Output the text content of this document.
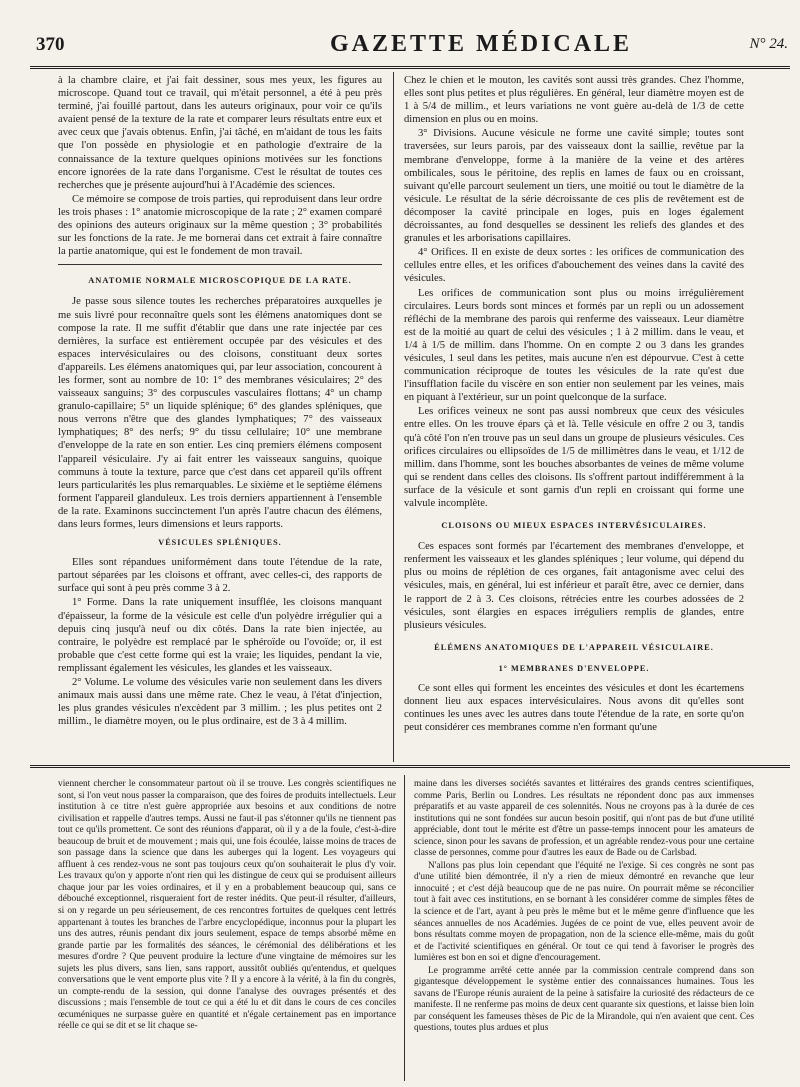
370	GAZETTE MÉDICALE	N° 24.

à la chambre claire, et j'ai fait dessiner, sous mes yeux, les figures au microscope. Quand tout ce travail, qui m'était personnel, a été à peu près terminé, j'ai fouillé partout, dans les auteurs originaux, pour voir ce qu'ils avaient pensé de la texture de la rate et comparer leurs résultats entre eux et avec ceux que j'avais obtenus. Enfin, j'ai tâché, en m'aidant de tous les faits que l'on possède en physiologie et en pathologie d'extraire de la connaissance de la texture quelques opinions motivées sur les fonctions encore ignorées de la rate dans l'organisme. C'est le résultat de toutes ces recherches que je présente aujourd'hui à l'Académie des sciences.

Ce mémoire se compose de trois parties, qui reproduisent dans leur ordre les trois phases : 1° anatomie microscopique de la rate ; 2° examen comparé des opinions des auteurs originaux sur la même question ; 3° probabilités sur les fonctions de la rate. Je me bornerai dans cet extrait à faire connaître la partie anatomique, qui est le fondement de mon travail.

ANATOMIE NORMALE MICROSCOPIQUE DE LA RATE.

Je passe sous silence toutes les recherches préparatoires auxquelles je me suis livré pour reconnaître quels sont les élémens anatomiques dont se compose la rate. Il me suffit d'établir que dans une rate injectée par ces dernières, la surface est entièrement occupée par des vésicules et des espaces intervésiculaires ou des cloisons, constituant deux sortes d'appareils. Les élémens anatomiques qui, par leur association, concourent à les former, sont au nombre de 10: 1° des membranes vésiculaires; 2° des vaisseaux sanguins; 3° des corpuscules vasculaires flottans; 4° un champ granulo-capillaire; 5° un liquide splénique; 6° des glandes spléniques, que nous verrons n'être que des glandes lymphatiques; 7° des vaisseaux lymphatiques; 8° des nerfs; 9° du tissu cellulaire; 10° une membrane d'enveloppe de la rate en son entier. Les cinq premiers élémens composent l'appareil vésiculaire. J'y ai fait entrer les vaisseaux sanguins, quoique communs à toute la texture, parce que c'est dans cet appareil qu'ils offrent leurs particularités les plus remarquables. Le sixième et le septième élémens forment l'appareil glanduleux. Les trois derniers appartiennent à l'ensemble de la rate. Examinons succinctement l'un après l'autre chacun des élémens, dans leurs formes, leurs dimensions et leurs rapports.

VÉSICULES SPLÉNIQUES.

Elles sont répandues uniformément dans toute l'étendue de la rate, partout séparées par les cloisons et offrant, avec celles-ci, des rapports de surface qui sont à peu près comme 3 à 2.

1° Forme. Dans la rate uniquement insufflée, les cloisons manquant d'épaisseur, la forme de la vésicule est celle d'un polyèdre irrégulier qui a depuis cinq jusqu'à neuf ou dix côtés. Dans la rate bien injectée, au contraire, le polyèdre est remplacé par le sphéroïde ou l'ovoïde; or, il est probable que c'est cette forme qui est la vraie; les liquides, pendant la vie, remplissant également les vésicules, les glandes et les vaisseaux.

2° Volume. Le volume des vésicules varie non seulement dans les divers animaux mais aussi dans une même rate. Chez le veau, à l'état d'injection, les plus grandes vésicules n'excèdent par 3 millim. ; les plus petites ont 2 millim., le diamètre moyen, ou le plus ordinaire, est de 3 à 4 millim.

Chez le chien et le mouton, les cavités sont aussi très grandes. Chez l'homme, elles sont plus petites et plus régulières. En général, leur diamètre moyen est de 1 à 5/4 de millim., et leurs variations ne vont guère au-delà de 1/3 de cette dimension en plus ou en moins.

3° Divisions. Aucune vésicule ne forme une cavité simple; toutes sont traversées, sur leurs parois, par des vaisseaux dont la saillie, revêtue par la membrane d'enveloppe, forme à la manière de la veine et des artères ombilicales, sous le péritoine, des replis en lames de faux ou en croissant, suivant qu'elle parcourt seulement un tiers, une moitié ou tout le diamètre de la vésicule. Le résultat de la série décroissante de ces plis de revêtement est de décomposer la cavité principale en loges, puis en loges également décroissantes, au fond desquelles se dessinent les reliefs des glandes et des granules et les arborisations capillaires.

4° Orifices. Il en existe de deux sortes : les orifices de communication des cellules entre elles, et les orifices d'abouchement des veines dans la cavité des vésicules.

Les orifices de communication sont plus ou moins irrégulièrement circulaires. Leurs bords sont minces et formés par un repli ou un adossement réfléchi de la membrane des parois qui renferme des vaisseaux. Leur diamètre est de la moitié au quart de celui des vésicules ; 1 à 2 millim. dans le veau, et 1/4 à 1/5 de millim. dans l'homme. On en compte 2 ou 3 dans les grandes vésicules, 1 seul dans les petites, mais aucune n'en est dépourvue. C'est à cette communication réciproque de toutes les vésicules de la rate qu'est due l'insufflation facile du viscère en son entier non seulement par les veines, mais en piquant à l'extérieur, sur un point quelconque de la surface.

Les orifices veineux ne sont pas aussi nombreux que ceux des vésicules entre elles. On les trouve épars çà et là. Telle vésicule en offre 2 ou 3, tandis qu'à côté l'on n'en trouve pas un seul dans un groupe de plusieurs vésicules. Ces orifices circulaires ou ellipsoïdes de 1/5 de millimètres dans le veau, et 1/12 de millim. dans l'homme, sont les bouches absorbantes de veines de même volume qui se rendent dans celles des cloisons. Ils s'offrent partout indifféremment à la surface de la vésicule et sont garnis d'un repli en croissant qui forme une valvule incomplète.

CLOISONS OU MIEUX ESPACES INTERVÉSICULAIRES.

Ces espaces sont formés par l'écartement des membranes d'enveloppe, et renferment les vaisseaux et les glandes spléniques ; leur volume, qui dépend du plus ou moins de réplétion de ces organes, fait antagonisme avec celui des vésicules, mais, en général, lui est inférieur et paraît être, avec ce dernier, dans le rapport de 2 à 3. Ces cloisons, rétrécies entre les courbes adossées de 2 vésicules, sont élargies en espaces irréguliers remplis de glandes, entre plusieurs vésicules.

ÉLÉMENS ANATOMIQUES DE L'APPAREIL VÉSICULAIRE.
1° MEMBRANES D'ENVELOPPE.

Ce sont elles qui forment les enceintes des vésicules et dont les écartemens donnent lieu aux espaces intervésiculaires. Nous avons dit qu'elles sont continues les unes avec les autres dans toute l'étendue de la rate, en sorte qu'on peut considérer ces membranes comme n'en formant qu'une

viennent chercher le consommateur partout où il se trouve. Les congrès scientifiques ne sont, si l'on veut nous passer la comparaison, que des foires de produits intellectuels. Leur institution à ce titre n'est guère appropriée aux besoins et aux conditions de notre civilisation et rappelle d'autres temps. Aussi ne faut-il pas s'étonner qu'ils ne tiennent pas tout ce qu'ils promettent. Ce sont des réunions d'apparat, où il y a de la foule, c'est-à-dire beaucoup de bruit et de mouvement ; mais qui, une fois écoulée, laisse moins de traces de son passage dans la science que dans les auberges qui la logent. Les voyageurs qui affluent à ces rendez-vous ne sont pas toujours ceux qu'on souhaiterait le plus d'y voir. Les travaux qu'on y apporte n'ont rien qui les distingue de ceux qui se produisent ailleurs chaque jour par les voies ordinaires, et il y en a probablement beaucoup qui, sans ce débouché exceptionnel, risqueraient fort de rester inédits. Que peut-il résulter, d'ailleurs, si on y regarde un peu sérieusement, de ces rencontres fortuites de quelques cent lettrés appartenant à toutes les branches de l'arbre encyclopédique, inconnus pour la plupart les uns des autres, réunis pendant dix jours seulement, espace de temps absorbé même en grande partie par les formalités des séances, le cérémonial des délibérations et les mesures d'ordre ? Que peuvent produire la lecture d'une vingtaine de mémoires sur les sujets les plus divers, sans lien, sans rapport, aussitôt oubliés qu'entendus, et quelques conversations que le vent emporte plus vite ? Il y a encore à la vérité, à la fin du congrès, un compte-rendu de la session, qui donne l'analyse des ouvrages présentés et des discussions ; mais l'ensemble de tout ce qui a été lu et dit dans le cours de ces conciles œcuméniques ne surpasse guère en quantité et n'égale certainement pas en importance réelle ce qui se dit et se lit chaque se-

maine dans les diverses sociétés savantes et littéraires des grands centres scientifiques, comme Paris, Berlin ou Londres. Les résultats ne répondent donc pas aux immenses préparatifs et au vaste appareil de ces solennités. Nous ne croyons pas à la durée de ces institutions qui ne sont fondées sur aucun besoin positif, qui n'ont pas de but d'une utilité appréciable, dont tout le mérite est d'être un passe-temps innocent pour les amateurs de science, sinon pour les savans de profession, et un agréable rendez-vous pour une certaine classe de personnes, comme pour d'autres les eaux de Bade ou de Carlsbad.

N'allons pas plus loin cependant que l'équité ne l'exige. Si ces congrès ne sont pas d'une utilité bien démontrée, il n'y a rien de mieux démontré en revanche que leur innocuité ; et c'est déjà beaucoup que de ne pas nuire. On pourrait même se réconcilier tout à fait avec ces institutions, en se bornant à les considérer comme de simples fêtes de la science et de l'art, ayant à peu près le même but et le même genre d'influence que les séances annuelles de nos Académies. Jugées de ce point de vue, elles peuvent avoir de bons résultats comme moyen de propagation, non de la science elle-même, mais du goût et de l'activité scientifiques en général. Or tout ce qui tend à favoriser le progrès des lumières est bon en soi et digne d'encouragement.

Le programme arrêté cette année par la commission centrale comprend dans son gigantesque développement le système entier des connaissances humaines. Tous les savans de l'Europe réunis auraient de la peine à satisfaire la curiosité des rédacteurs de ce manifeste. Il ne renferme pas moins de deux cent quarante six questions, et laisse bien loin par conséquent les fameuses thèses de Pic de la Mirandole, qui n'en avaient que cent. Ces questions, toutes plus ardues et plus
